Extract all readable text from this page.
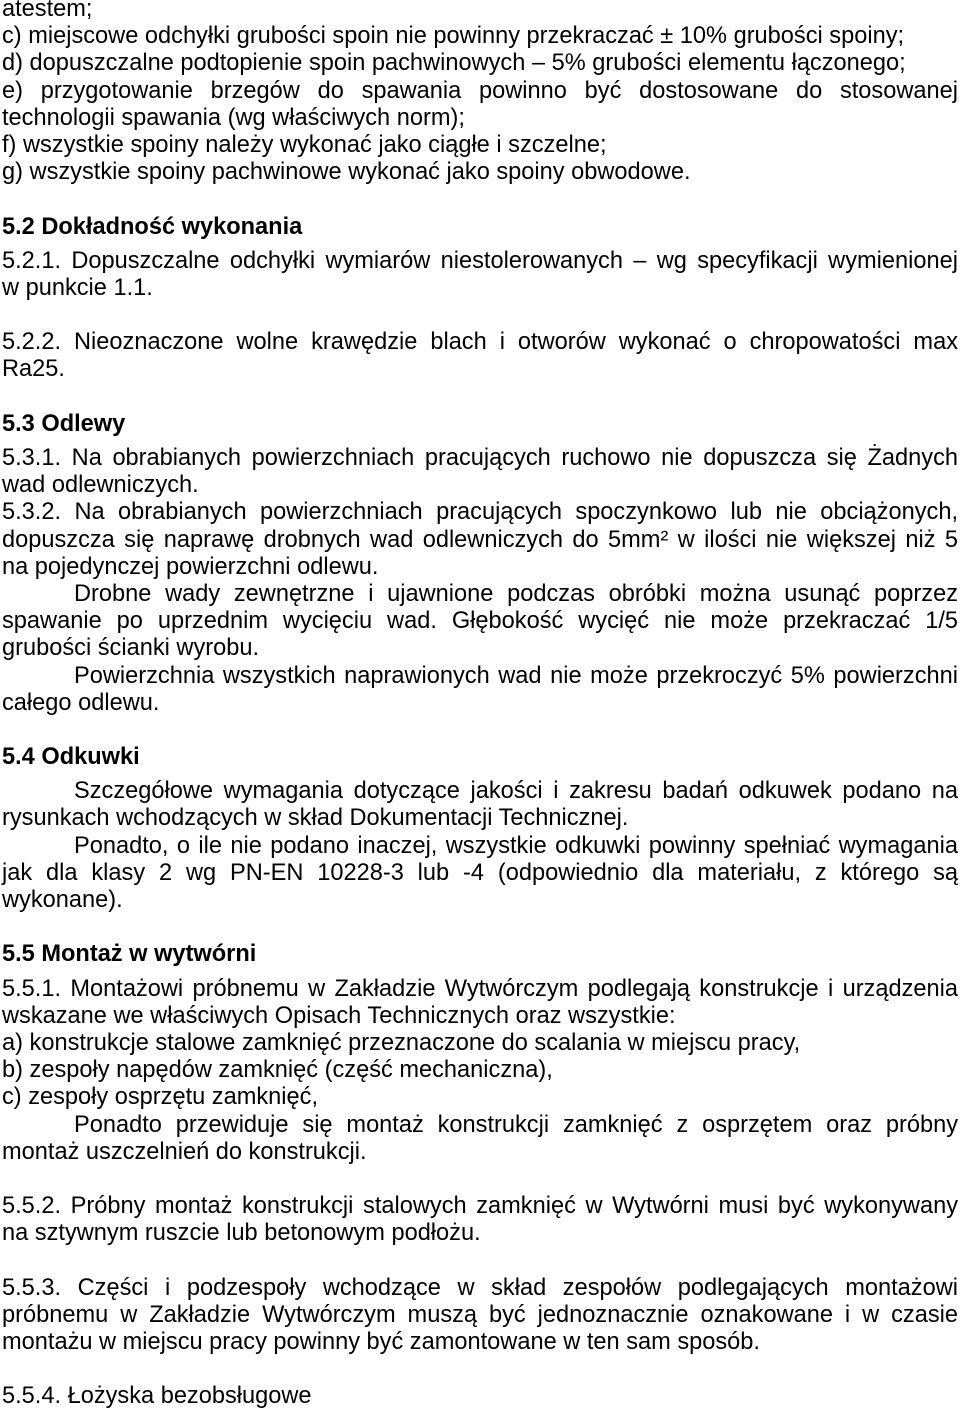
atestem;
c) miejscowe odchyłki grubości spoin nie powinny przekraczać ± 10% grubości spoiny;
d) dopuszczalne podtopienie spoin pachwinowych – 5% grubości elementu łączonego;
e) przygotowanie brzegów do spawania powinno być dostosowane do stosowanej
technologii spawania (wg właściwych norm);
f) wszystkie spoiny należy wykonać jako ciągłe i szczelne;
g) wszystkie spoiny pachwinowe wykonać jako spoiny obwodowe.
5.2 Dokładność wykonania
5.2.1. Dopuszczalne odchyłki wymiarów niestolerowanych – wg specyfikacji wymienionej
w punkcie 1.1.
5.2.2. Nieoznaczone wolne krawędzie blach i otworów wykonać o chropowatości max
Ra25.
5.3 Odlewy
5.3.1. Na obrabianych powierzchniach pracujących ruchowo nie dopuszcza się Żadnych
wad odlewniczych.
5.3.2. Na obrabianych powierzchniach pracujących spoczynkowo lub nie obciążonych,
dopuszcza się naprawę drobnych wad odlewniczych do 5mm² w ilości nie większej niż 5
na pojedynczej powierzchni odlewu.
Drobne wady zewnętrzne i ujawnione podczas obróbki można usunąć poprzez
spawanie po uprzednim wycięciu wad. Głębokość wycięć nie może przekraczać 1/5
grubości ścianki wyrobu.
Powierzchnia wszystkich naprawionych wad nie może przekroczyć 5% powierzchni
całego odlewu.
5.4 Odkuwki
Szczegółowe wymagania dotyczące jakości i zakresu badań odkuwek podano na
rysunkach wchodzących w skład Dokumentacji Technicznej.
Ponadto, o ile nie podano inaczej, wszystkie odkuwki powinny spełniać wymagania
jak dla klasy 2 wg PN-EN 10228-3 lub -4 (odpowiednio dla materiału, z którego są
wykonane).
5.5 Montaż w wytwórni
5.5.1. Montażowi próbnemu w Zakładzie Wytwórczym podlegają konstrukcje i urządzenia
wskazane we właściwych Opisach Technicznych oraz wszystkie:
a) konstrukcje stalowe zamknięć przeznaczone do scalania w miejscu pracy,
b) zespoły napędów zamknięć (część mechaniczna),
c) zespoły osprzętu zamknięć,
Ponadto przewiduje się montaż konstrukcji zamknięć z osprzętem oraz próbny
montaż uszczelnień do konstrukcji.
5.5.2. Próbny montaż konstrukcji stalowych zamknięć w Wytwórni musi być wykonywany
na sztywnym ruszcie lub betonowym podłożu.
5.5.3. Części i podzespoły wchodzące w skład zespołów podlegających montażowi
próbnemu w Zakładzie Wytwórczym muszą być jednoznacznie oznakowane i w czasie
montażu w miejscu pracy powinny być zamontowane w ten sam sposób.
5.5.4. Łożyska bezobsługowe
